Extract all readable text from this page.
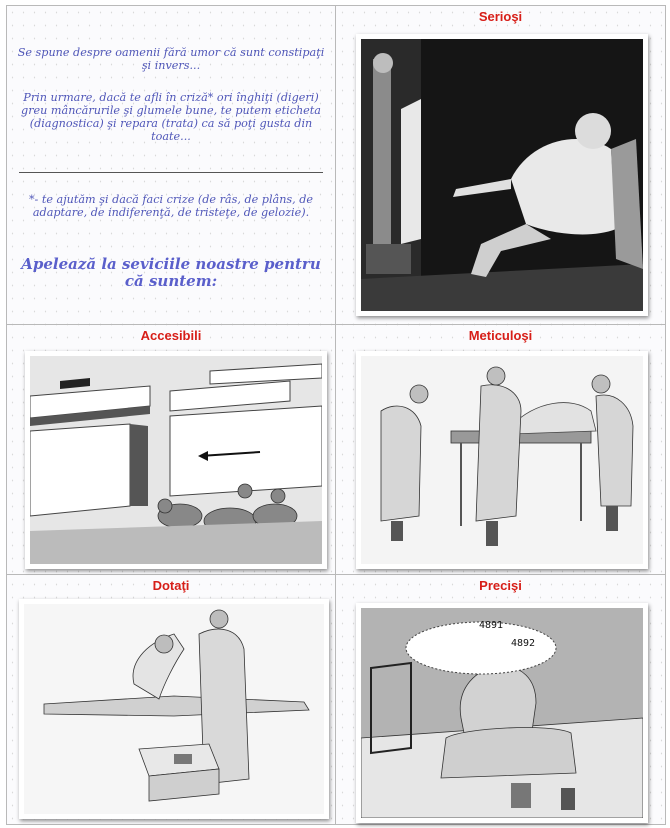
Se spune despre oamenii fără umor că sunt constipaţi şi invers...
Prin urmare, dacă te afli în criză* ori înghiţi (digeri) greu mâncărurile şi glumele bune, te putem eticheta (diagnostica) şi repara (trata) ca să poţi gusta din toate...
*- te ajutăm şi dacă faci crize (de râs, de plâns, de adaptare, de indiferenţă, de tristeţe, de gelozie).
Apelează la seviciile noastre pentru că suntem:
Serioşi
Accesibili	Meticuloşi
Dotaţi	Precişi
4891
4892
